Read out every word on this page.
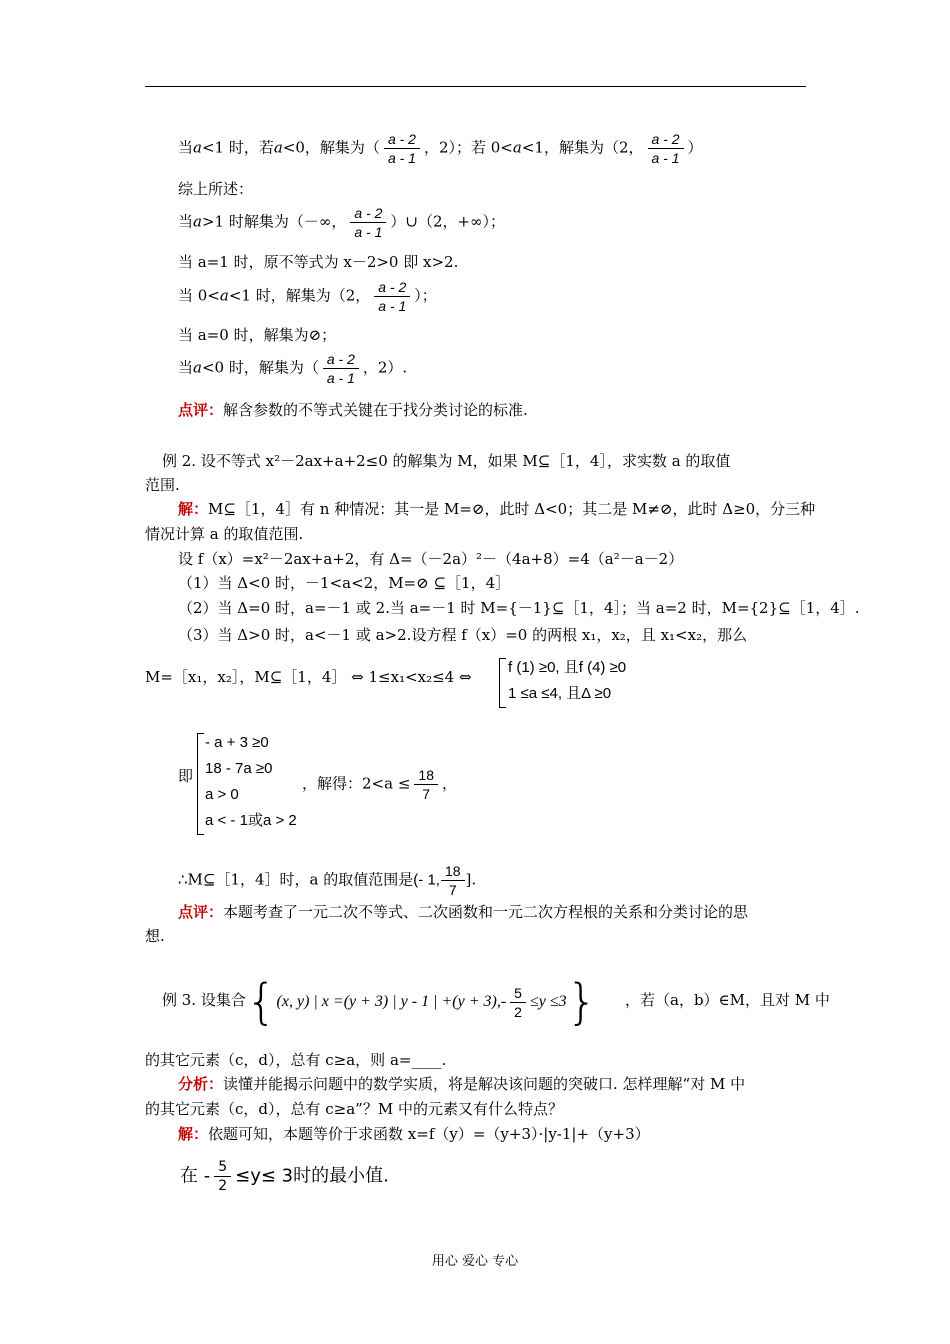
当a<1 时，若a<0，解集为（ $\frac{a - 2}{a - 1}$ ，2）；若 0<a<1，解集为（2， $\frac{a - 2}{a - 1}$ ）
综上所述：
当a>1 时解集为（－∞， $\frac{a - 2}{a - 1}$ ）∪（2，+∞）；
当 a=1 时，原不等式为 x－2>0 即 x>2.
当 0<a<1 时，解集为（2， $\frac{a - 2}{a - 1}$ ）；
当 a=0 时，解集为⊘；
当a<0 时，解集为（ $\frac{a - 2}{a - 1}$ ，2）.
点评：解含参数的不等式关键在于找分类讨论的标准.
例 2. 设不等式 x²－2ax+a+2≤0 的解集为 M，如果 M⊆［1，4］，求实数 a 的取值
范围.
解：M⊆［1，4］有 n 种情况：其一是 M=⊘，此时 Δ<0；其二是 M≠⊘，此时 Δ≥0，分三种
情况计算 a 的取值范围.
设 f（x）=x²－2ax+a+2，有 Δ=（－2a）²－（4a+8）=4（a²－a－2）
（1）当 Δ<0 时，－1<a<2，M=⊘ ⊆［1，4］
（2）当 Δ=0 时，a=－1 或 2.当 a=－1 时 M={－1}⊆［1，4］；当 a=2 时，M={2}⊆［1，4］.
（3）当 Δ>0 时，a<－1 或 a>2.设方程 f（x）=0 的两根 x₁，x₂，且 x₁<x₂，那么
M=［x₁，x₂］，M⊆［1，4］ ⇔ 1≤x₁<x₂≤4 ⇔
f (1) ≥0, 且f (4) ≥0
1 ≤a ≤4, 且Δ ≥0
即
- a + 3 ≥0
18 - 7a ≥0
a > 0
a < - 1或a > 2
，解得：$2<a \le \frac{18}{7}$ ，
∴M⊆［1，4］时，a 的取值范围是(- 1, $\frac{18}{7}$ ].
点评：本题考查了一元二次不等式、二次函数和一元二次方程根的关系和分类讨论的思
想.
例 3. 设集合 {(x, y) | x =(y + 3) | y - 1 | $+(y + 3),- \frac{5}{2} \le y \le 3$} ，若（a，b）∈M，且对 M 中
的其它元素（c，d），总有 c≥a，则 a=____.
分析：读懂并能揭示问题中的数学实质，将是解决该问题的突破口. 怎样理解“对 M 中
的其它元素（c，d），总有 c≥a”？M 中的元素又有什么特点？
解：依题可知，本题等价于求函数 x=f（y）=（y+3）·|y-1|+（y+3）
在 - $\frac{5}{2} \le y\le 3$时的最小值.
用心 爱心 专心
